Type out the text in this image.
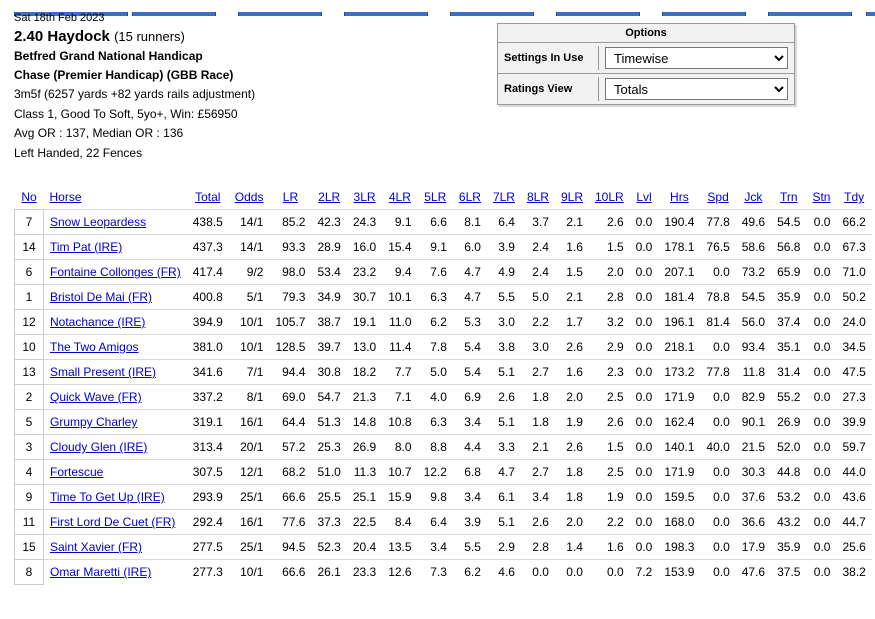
Sat 18th Feb 2023
2.40 Haydock (15 runners)
Betfred Grand National Handicap
Chase (Premier Handicap) (GBB Race)
3m5f (6257 yards +82 yards rails adjustment)
Class 1, Good To Soft, 5yo+, Win: £56950
Avg OR : 137, Median OR : 136
Left Handed, 22 Fences
Options
Settings In Use
Timewise
Ratings View
Totals
No	Horse	Total	Odds	LR	2LR	3LR	4LR	5LR	6LR	7LR	8LR	9LR	10LR	Lvl	Hrs	Spd	Jck	Trn	Stn	Tdy
7	Snow Leopardess	438.5	14/1	85.2	42.3	24.3	9.1	6.6	8.1	6.4	3.7	2.1	2.6	0.0	190.4	77.8	49.6	54.5	0.0	66.2
14	Tim Pat (IRE)	437.3	14/1	93.3	28.9	16.0	15.4	9.1	6.0	3.9	2.4	1.6	1.5	0.0	178.1	76.5	58.6	56.8	0.0	67.3
6	Fontaine Collonges (FR)	417.4	9/2	98.0	53.4	23.2	9.4	7.6	4.7	4.9	2.4	1.5	2.0	0.0	207.1	0.0	73.2	65.9	0.0	71.0
1	Bristol De Mai (FR)	400.8	5/1	79.3	34.9	30.7	10.1	6.3	4.7	5.5	5.0	2.1	2.8	0.0	181.4	78.8	54.5	35.9	0.0	50.2
12	Notachance (IRE)	394.9	10/1	105.7	38.7	19.1	11.0	6.2	5.3	3.0	2.2	1.7	3.2	0.0	196.1	81.4	56.0	37.4	0.0	24.0
10	The Two Amigos	381.0	10/1	128.5	39.7	13.0	11.4	7.8	5.4	3.8	3.0	2.6	2.9	0.0	218.1	0.0	93.4	35.1	0.0	34.5
13	Small Present (IRE)	341.6	7/1	94.4	30.8	18.2	7.7	5.0	5.4	5.1	2.7	1.6	2.3	0.0	173.2	77.8	11.8	31.4	0.0	47.5
2	Quick Wave (FR)	337.2	8/1	69.0	54.7	21.3	7.1	4.0	6.9	2.6	1.8	2.0	2.5	0.0	171.9	0.0	82.9	55.2	0.0	27.3
5	Grumpy Charley	319.1	16/1	64.4	51.3	14.8	10.8	6.3	3.4	5.1	1.8	1.9	2.6	0.0	162.4	0.0	90.1	26.9	0.0	39.9
3	Cloudy Glen (IRE)	313.4	20/1	57.2	25.3	26.9	8.0	8.8	4.4	3.3	2.1	2.6	1.5	0.0	140.1	40.0	21.5	52.0	0.0	59.7
4	Fortescue	307.5	12/1	68.2	51.0	11.3	10.7	12.2	6.8	4.7	2.7	1.8	2.5	0.0	171.9	0.0	30.3	44.8	0.0	44.0
9	Time To Get Up (IRE)	293.9	25/1	66.6	25.5	25.1	15.9	9.8	3.4	6.1	3.4	1.8	1.9	0.0	159.5	0.0	37.6	53.2	0.0	43.6
11	First Lord De Cuet (FR)	292.4	16/1	77.6	37.3	22.5	8.4	6.4	3.9	5.1	2.6	2.0	2.2	0.0	168.0	0.0	36.6	43.2	0.0	44.7
15	Saint Xavier (FR)	277.5	25/1	94.5	52.3	20.4	13.5	3.4	5.5	2.9	2.8	1.4	1.6	0.0	198.3	0.0	17.9	35.9	0.0	25.6
8	Omar Maretti (IRE)	277.3	10/1	66.6	26.1	23.3	12.6	7.3	6.2	4.6	0.0	0.0	0.0	7.2	153.9	0.0	47.6	37.5	0.0	38.2
